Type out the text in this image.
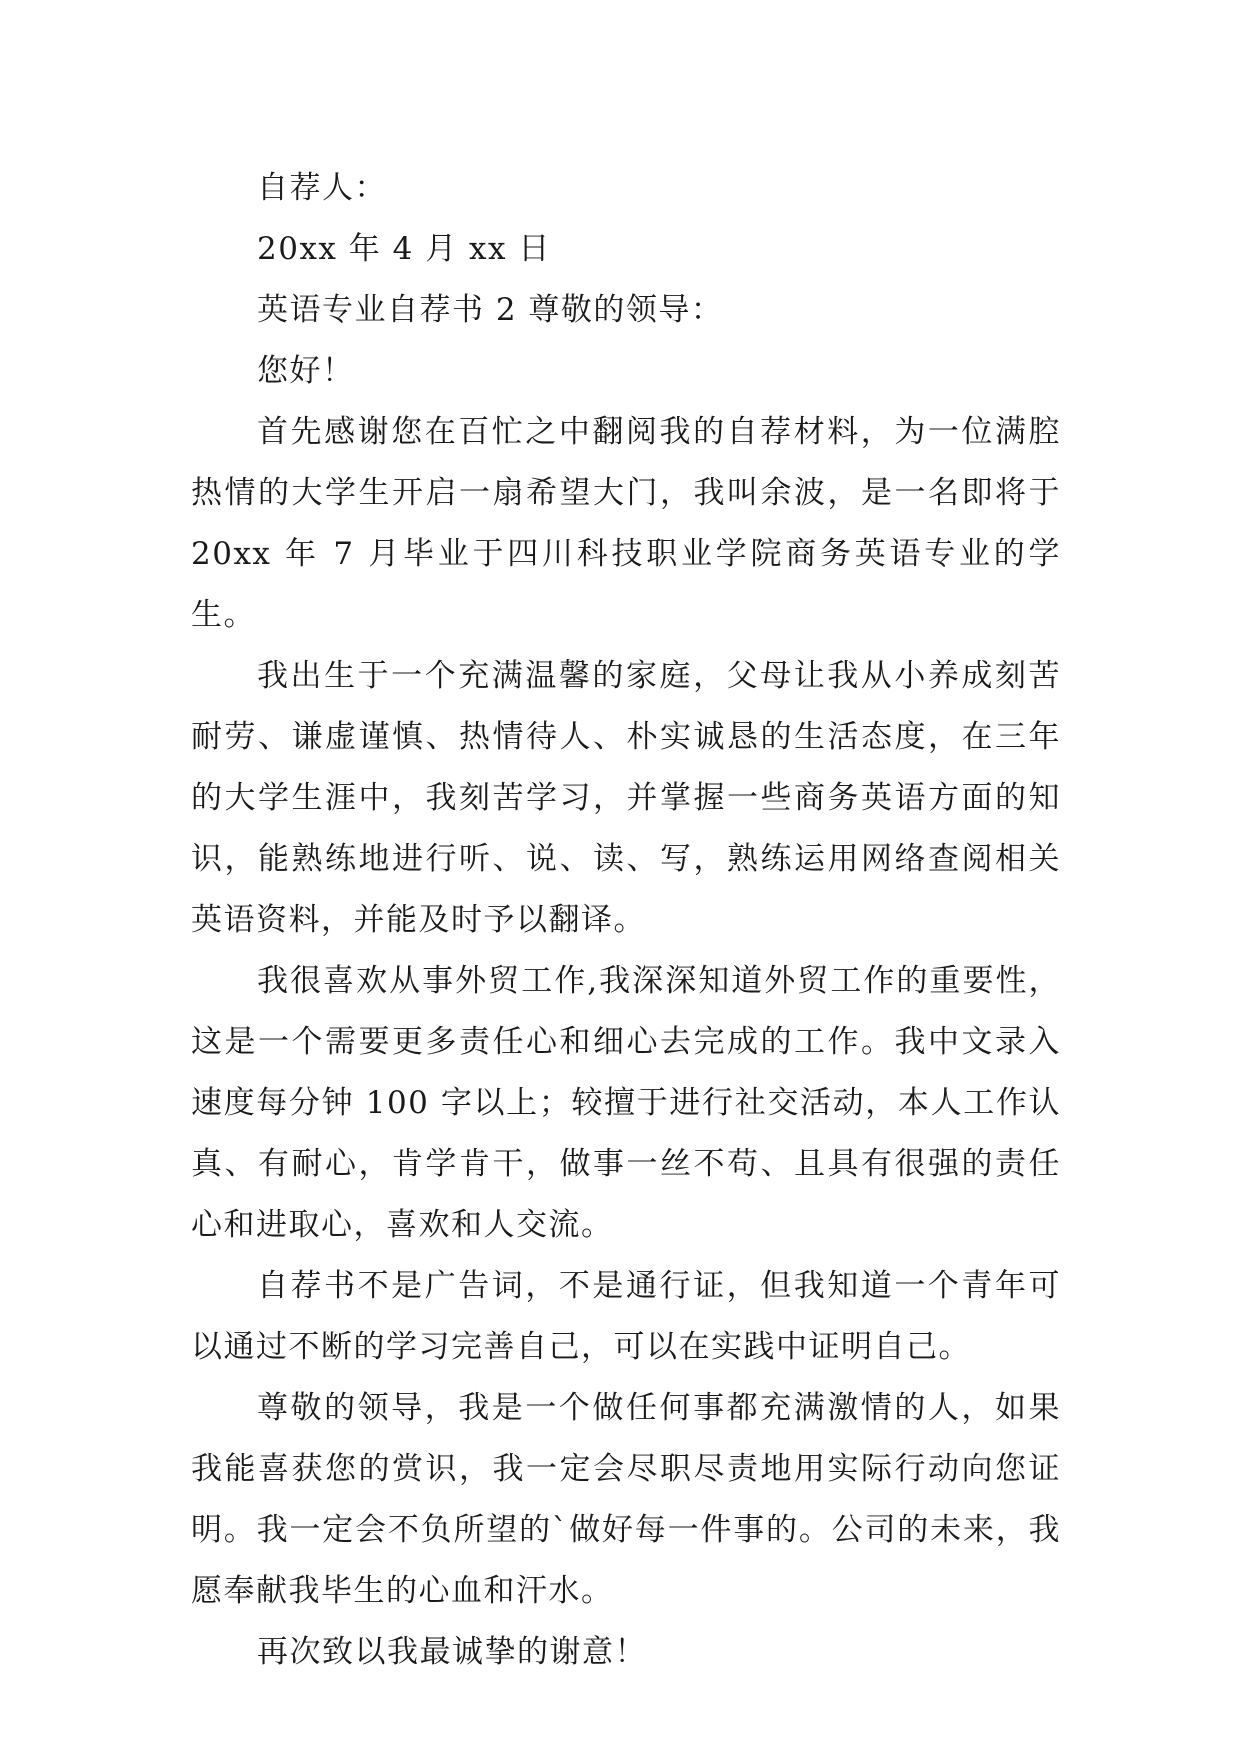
自荐人：

20xx 年 4 月 xx 日

英语专业自荐书 2 尊敬的领导：

您好！

首先感谢您在百忙之中翻阅我的自荐材料，为一位满腔热情的大学生开启一扇希望大门，我叫余波，是一名即将于 20xx 年 7 月毕业于四川科技职业学院商务英语专业的学生。

我出生于一个充满温馨的家庭，父母让我从小养成刻苦耐劳、谦虚谨慎、热情待人、朴实诚恳的生活态度，在三年的大学生涯中，我刻苦学习，并掌握一些商务英语方面的知识，能熟练地进行听、说、读、写，熟练运用网络查阅相关英语资料，并能及时予以翻译。

我很喜欢从事外贸工作,我深深知道外贸工作的重要性，这是一个需要更多责任心和细心去完成的工作。我中文录入速度每分钟 100 字以上；较擅于进行社交活动，本人工作认真、有耐心，肯学肯干，做事一丝不苟、且具有很强的责任心和进取心，喜欢和人交流。

自荐书不是广告词，不是通行证，但我知道一个青年可以通过不断的学习完善自己，可以在实践中证明自己。

尊敬的领导，我是一个做任何事都充满激情的人，如果我能喜获您的赏识，我一定会尽职尽责地用实际行动向您证明。我一定会不负所望的`做好每一件事的。公司的未来，我愿奉献我毕生的心血和汗水。

再次致以我最诚挚的谢意！
